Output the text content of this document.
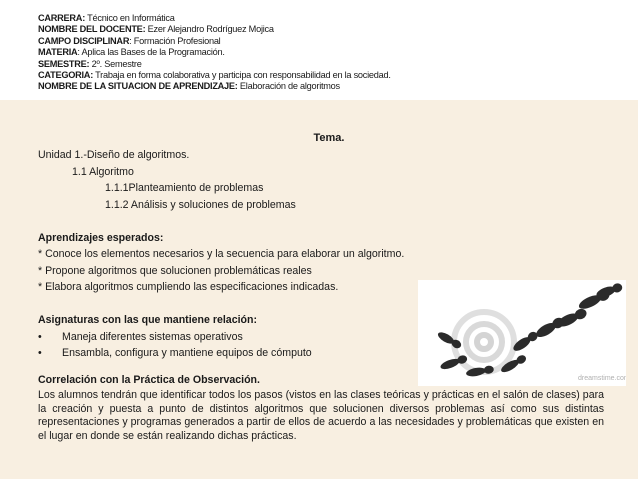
CARRERA: Técnico en Informática
NOMBRE DEL DOCENTE: Ezer Alejandro Rodríguez Mojica
CAMPO DISCIPLINAR: Formación Profesional
MATERIA: Aplica las Bases de la Programación.
SEMESTRE: 2º. Semestre
CATEGORIA: Trabaja en forma colaborativa y participa con responsabilidad en la sociedad.
NOMBRE DE LA SITUACION DE APRENDIZAJE: Elaboración de algoritmos
Tema.
Unidad 1.-Diseño de algoritmos.
1.1 Algoritmo
1.1.1Planteamiento de problemas
1.1.2 Análisis y soluciones de problemas
Aprendizajes esperados:
* Conoce los elementos necesarios y la secuencia para elaborar un algoritmo.
* Propone algoritmos que solucionen problemáticas reales
* Elabora algoritmos cumpliendo las especificaciones indicadas.
Asignaturas con las que mantiene relación:
• Maneja diferentes sistemas operativos
• Ensambla, configura y mantiene equipos de cómputo
Correlación con la Práctica de Observación.
Los alumnos tendrán que identificar todos los pasos (vistos en las clases teóricas y prácticas en el salón de clases) para la creación y puesta a punto de distintos algoritmos que solucionen diversos problemas así como sus distintas representaciones y programas generados a partir de ellos de acuerdo a las necesidades y problemáticas que existen en el lugar en donde se están realizando dichas prácticas.
dreamstime.com
